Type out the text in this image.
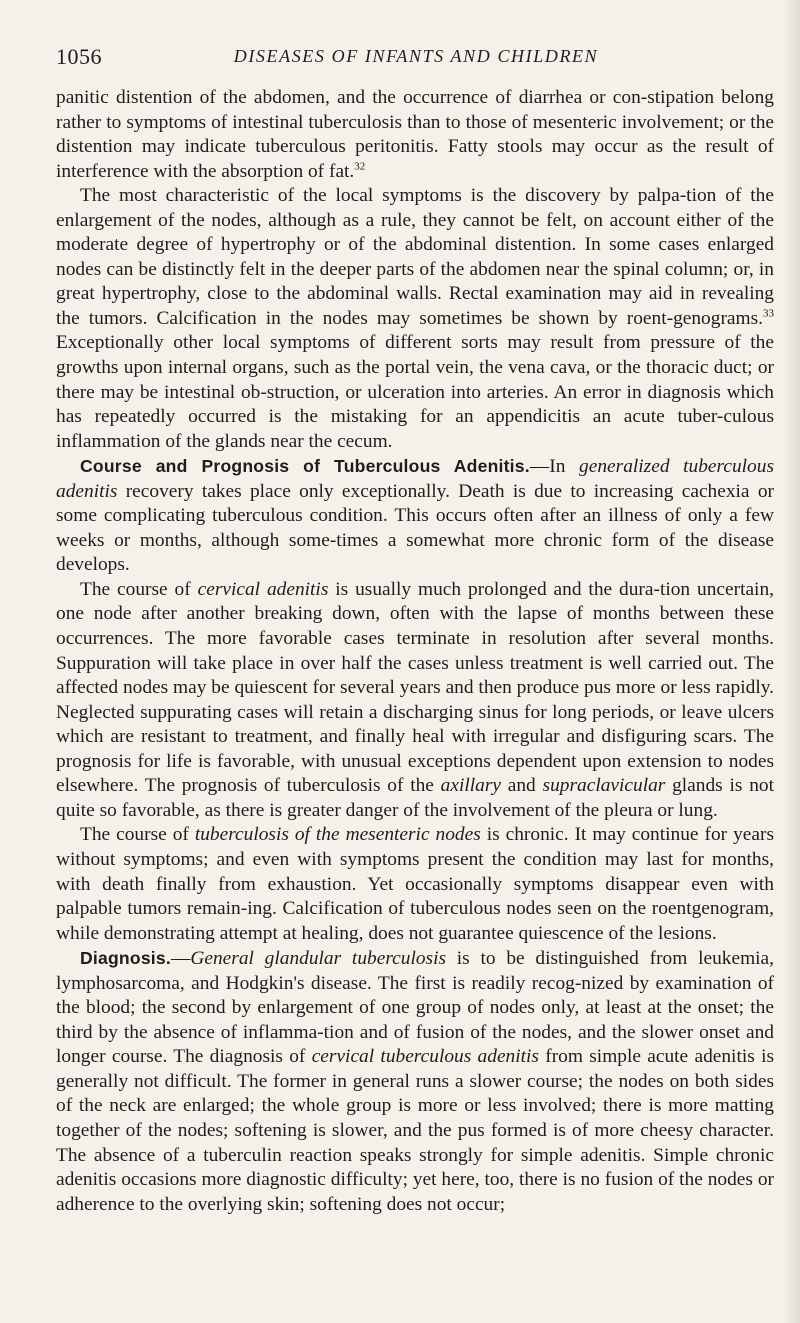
1056	DISEASES OF INFANTS AND CHILDREN

panitic distention of the abdomen, and the occurrence of diarrhea or con-stipation belong rather to symptoms of intestinal tuberculosis than to those of mesenteric involvement; or the distention may indicate tuberculous peritonitis. Fatty stools may occur as the result of interference with the absorption of fat.$^{32}$

The most characteristic of the local symptoms is the discovery by palpa-tion of the enlargement of the nodes, although as a rule, they cannot be felt, on account either of the moderate degree of hypertrophy or of the abdominal distention. In some cases enlarged nodes can be distinctly felt in the deeper parts of the abdomen near the spinal column; or, in great hypertrophy, close to the abdominal walls. Rectal examination may aid in revealing the tumors. Calcification in the nodes may sometimes be shown by roent-genograms.$^{33}$ Exceptionally other local symptoms of different sorts may result from pressure of the growths upon internal organs, such as the portal vein, the vena cava, or the thoracic duct; or there may be intestinal ob-struction, or ulceration into arteries. An error in diagnosis which has repeatedly occurred is the mistaking for an appendicitis an acute tuber-culous inflammation of the glands near the cecum.

Course and Prognosis of Tuberculous Adenitis.—In generalized tuberculous adenitis recovery takes place only exceptionally. Death is due to increasing cachexia or some complicating tuberculous condition. This occurs often after an illness of only a few weeks or months, although some-times a somewhat more chronic form of the disease develops.

The course of cervical adenitis is usually much prolonged and the dura-tion uncertain, one node after another breaking down, often with the lapse of months between these occurrences. The more favorable cases terminate in resolution after several months. Suppuration will take place in over half the cases unless treatment is well carried out. The affected nodes may be quiescent for several years and then produce pus more or less rapidly. Neglected suppurating cases will retain a discharging sinus for long periods, or leave ulcers which are resistant to treatment, and finally heal with irregular and disfiguring scars. The prognosis for life is favorable, with unusual exceptions dependent upon extension to nodes elsewhere. The prognosis of tuberculosis of the axillary and supraclavicular glands is not quite so favorable, as there is greater danger of the involvement of the pleura or lung.

The course of tuberculosis of the mesenteric nodes is chronic. It may continue for years without symptoms; and even with symptoms present the condition may last for months, with death finally from exhaustion. Yet occasionally symptoms disappear even with palpable tumors remain-ing. Calcification of tuberculous nodes seen on the roentgenogram, while demonstrating attempt at healing, does not guarantee quiescence of the lesions.

Diagnosis.—General glandular tuberculosis is to be distinguished from leukemia, lymphosarcoma, and Hodgkin's disease. The first is readily recog-nized by examination of the blood; the second by enlargement of one group of nodes only, at least at the onset; the third by the absence of inflamma-tion and of fusion of the nodes, and the slower onset and longer course. The diagnosis of cervical tuberculous adenitis from simple acute adenitis is generally not difficult. The former in general runs a slower course; the nodes on both sides of the neck are enlarged; the whole group is more or less involved; there is more matting together of the nodes; softening is slower, and the pus formed is of more cheesy character. The absence of a tuberculin reaction speaks strongly for simple adenitis. Simple chronic adenitis occasions more diagnostic difficulty; yet here, too, there is no fusion of the nodes or adherence to the overlying skin; softening does not occur;
